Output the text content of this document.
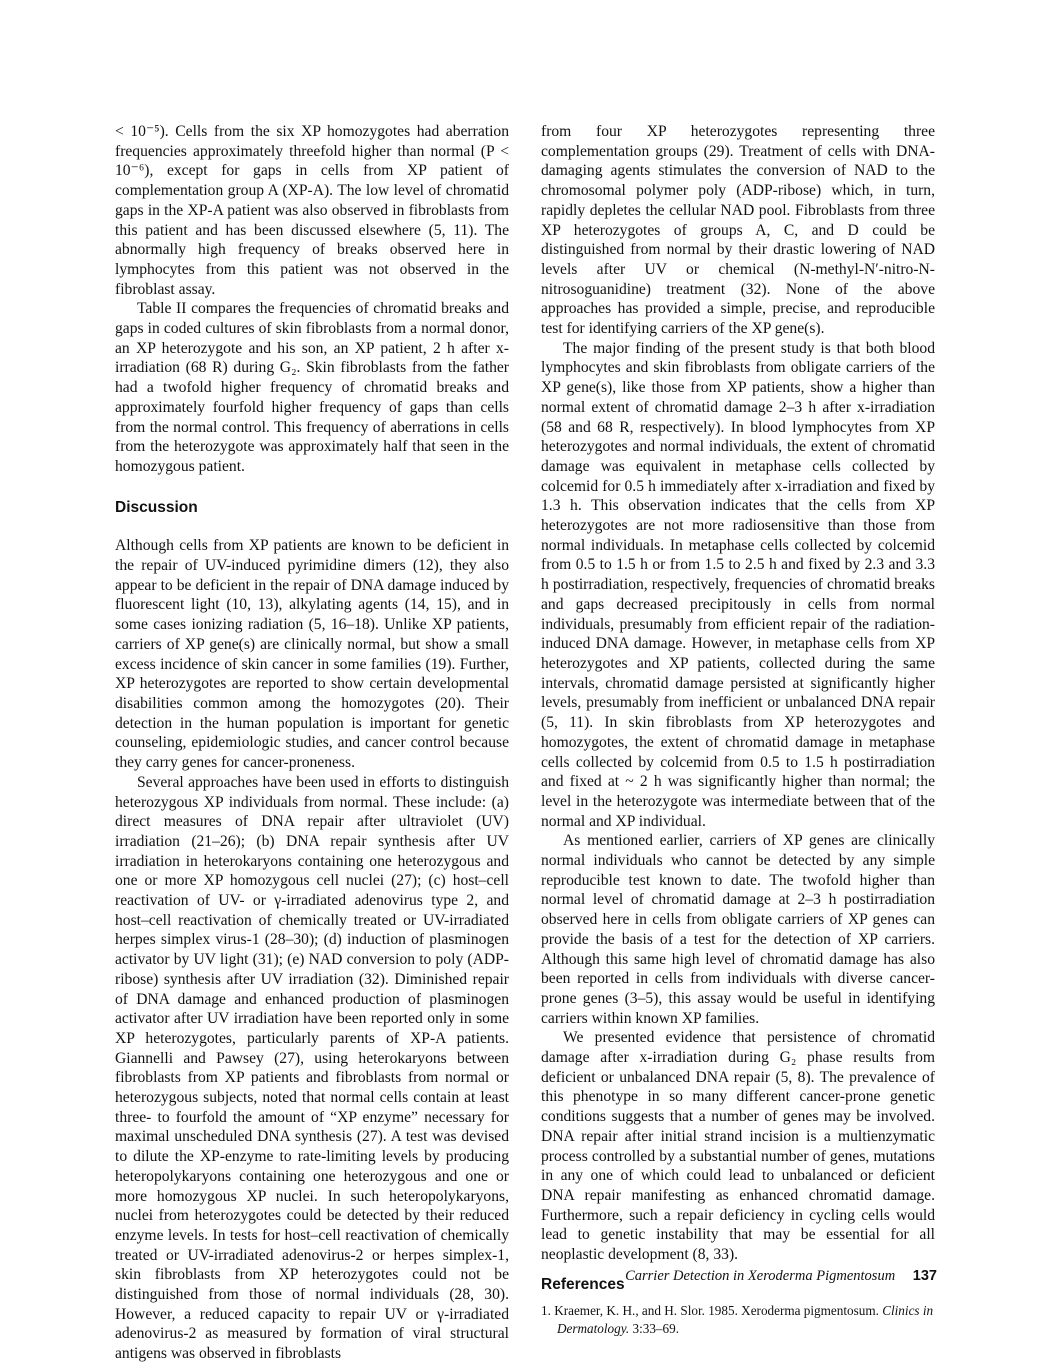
< 10⁻⁵). Cells from the six XP homozygotes had aberration frequencies approximately threefold higher than normal (P < 10⁻⁶), except for gaps in cells from XP patient of complementation group A (XP-A). The low level of chromatid gaps in the XP-A patient was also observed in fibroblasts from this patient and has been discussed elsewhere (5, 11). The abnormally high frequency of breaks observed here in lymphocytes from this patient was not observed in the fibroblast assay.

Table II compares the frequencies of chromatid breaks and gaps in coded cultures of skin fibroblasts from a normal donor, an XP heterozygote and his son, an XP patient, 2 h after x-irradiation (68 R) during G₂. Skin fibroblasts from the father had a twofold higher frequency of chromatid breaks and approximately fourfold higher frequency of gaps than cells from the normal control. This frequency of aberrations in cells from the heterozygote was approximately half that seen in the homozygous patient.

Discussion

Although cells from XP patients are known to be deficient in the repair of UV-induced pyrimidine dimers (12), they also appear to be deficient in the repair of DNA damage induced by fluorescent light (10, 13), alkylating agents (14, 15), and in some cases ionizing radiation (5, 16–18). Unlike XP patients, carriers of XP gene(s) are clinically normal, but show a small excess incidence of skin cancer in some families (19). Further, XP heterozygotes are reported to show certain developmental disabilities common among the homozygotes (20). Their detection in the human population is important for genetic counseling, epidemiologic studies, and cancer control because they carry genes for cancer-proneness.

Several approaches have been used in efforts to distinguish heterozygous XP individuals from normal. These include: (a) direct measures of DNA repair after ultraviolet (UV) irradiation (21–26); (b) DNA repair synthesis after UV irradiation in heterokaryons containing one heterozygous and one or more XP homozygous cell nuclei (27); (c) host–cell reactivation of UV- or γ-irradiated adenovirus type 2, and host–cell reactivation of chemically treated or UV-irradiated herpes simplex virus-1 (28–30); (d) induction of plasminogen activator by UV light (31); (e) NAD conversion to poly (ADP-ribose) synthesis after UV irradiation (32). Diminished repair of DNA damage and enhanced production of plasminogen activator after UV irradiation have been reported only in some XP heterozygotes, particularly parents of XP-A patients. Giannelli and Pawsey (27), using heterokaryons between fibroblasts from XP patients and fibroblasts from normal or heterozygous subjects, noted that normal cells contain at least three- to fourfold the amount of “XP enzyme” necessary for maximal unscheduled DNA synthesis (27). A test was devised to dilute the XP-enzyme to rate-limiting levels by producing heteropolykaryons containing one heterozygous and one or more homozygous XP nuclei. In such heteropolykaryons, nuclei from heterozygotes could be detected by their reduced enzyme levels. In tests for host–cell reactivation of chemically treated or UV-irradiated adenovirus-2 or herpes simplex-1, skin fibroblasts from XP heterozygotes could not be distinguished from those of normal individuals (28, 30). However, a reduced capacity to repair UV or γ-irradiated adenovirus-2 as measured by formation of viral structural antigens was observed in fibroblasts

from four XP heterozygotes representing three complementation groups (29). Treatment of cells with DNA-damaging agents stimulates the conversion of NAD to the chromosomal polymer poly (ADP-ribose) which, in turn, rapidly depletes the cellular NAD pool. Fibroblasts from three XP heterozygotes of groups A, C, and D could be distinguished from normal by their drastic lowering of NAD levels after UV or chemical (N-methyl-N′-nitro-N-nitrosoguanidine) treatment (32). None of the above approaches has provided a simple, precise, and reproducible test for identifying carriers of the XP gene(s).

The major finding of the present study is that both blood lymphocytes and skin fibroblasts from obligate carriers of the XP gene(s), like those from XP patients, show a higher than normal extent of chromatid damage 2–3 h after x-irradiation (58 and 68 R, respectively). In blood lymphocytes from XP heterozygotes and normal individuals, the extent of chromatid damage was equivalent in metaphase cells collected by colcemid for 0.5 h immediately after x-irradiation and fixed by 1.3 h. This observation indicates that the cells from XP heterozygotes are not more radiosensitive than those from normal individuals. In metaphase cells collected by colcemid from 0.5 to 1.5 h or from 1.5 to 2.5 h and fixed by 2.3 and 3.3 h postirradiation, respectively, frequencies of chromatid breaks and gaps decreased precipitously in cells from normal individuals, presumably from efficient repair of the radiation-induced DNA damage. However, in metaphase cells from XP heterozygotes and XP patients, collected during the same intervals, chromatid damage persisted at significantly higher levels, presumably from inefficient or unbalanced DNA repair (5, 11). In skin fibroblasts from XP heterozygotes and homozygotes, the extent of chromatid damage in metaphase cells collected by colcemid from 0.5 to 1.5 h postirradiation and fixed at ~ 2 h was significantly higher than normal; the level in the heterozygote was intermediate between that of the normal and XP individual.

As mentioned earlier, carriers of XP genes are clinically normal individuals who cannot be detected by any simple reproducible test known to date. The twofold higher than normal level of chromatid damage at 2–3 h postirradiation observed here in cells from obligate carriers of XP genes can provide the basis of a test for the detection of XP carriers. Although this same high level of chromatid damage has also been reported in cells from individuals with diverse cancer-prone genes (3–5), this assay would be useful in identifying carriers within known XP families.

We presented evidence that persistence of chromatid damage after x-irradiation during G₂ phase results from deficient or unbalanced DNA repair (5, 8). The prevalence of this phenotype in so many different cancer-prone genetic conditions suggests that a number of genes may be involved. DNA repair after initial strand incision is a multienzymatic process controlled by a substantial number of genes, mutations in any one of which could lead to unbalanced or deficient DNA repair manifesting as enhanced chromatid damage. Furthermore, such a repair deficiency in cycling cells would lead to genetic instability that may be essential for all neoplastic development (8, 33).

References

1. Kraemer, K. H., and H. Slor. 1985. Xeroderma pigmentosum. Clinics in Dermatology. 3:33–69.

Carrier Detection in Xeroderma Pigmentosum 137
